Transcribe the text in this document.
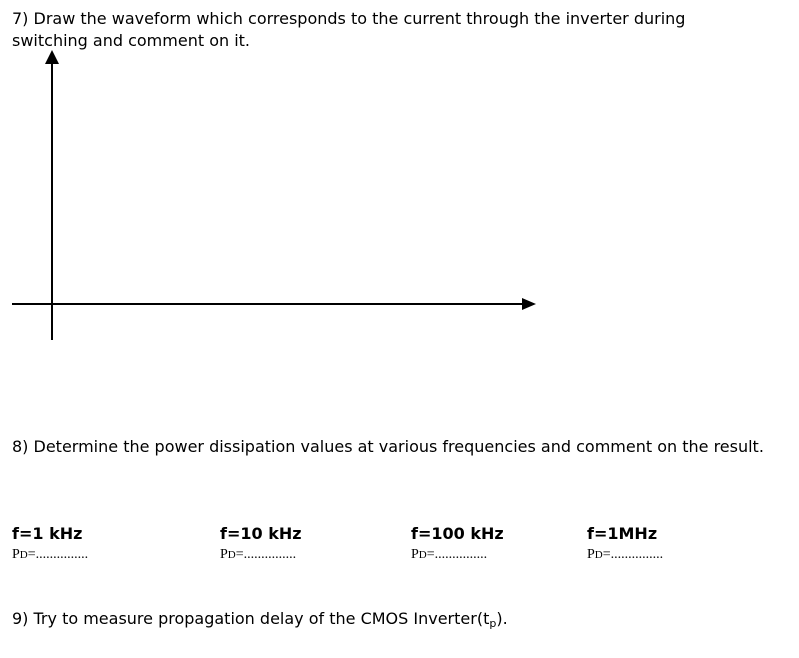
7) Draw the waveform which corresponds to the current through the inverter during switching and comment on it.

8) Determine the power dissipation values at various frequencies and comment on the result.

f=1 kHz
PD=...............
f=10 kHz
PD=...............
f=100 kHz
PD=...............
f=1MHz
PD=...............

9) Try to measure propagation delay of the CMOS $Inverter(t_p)$.
